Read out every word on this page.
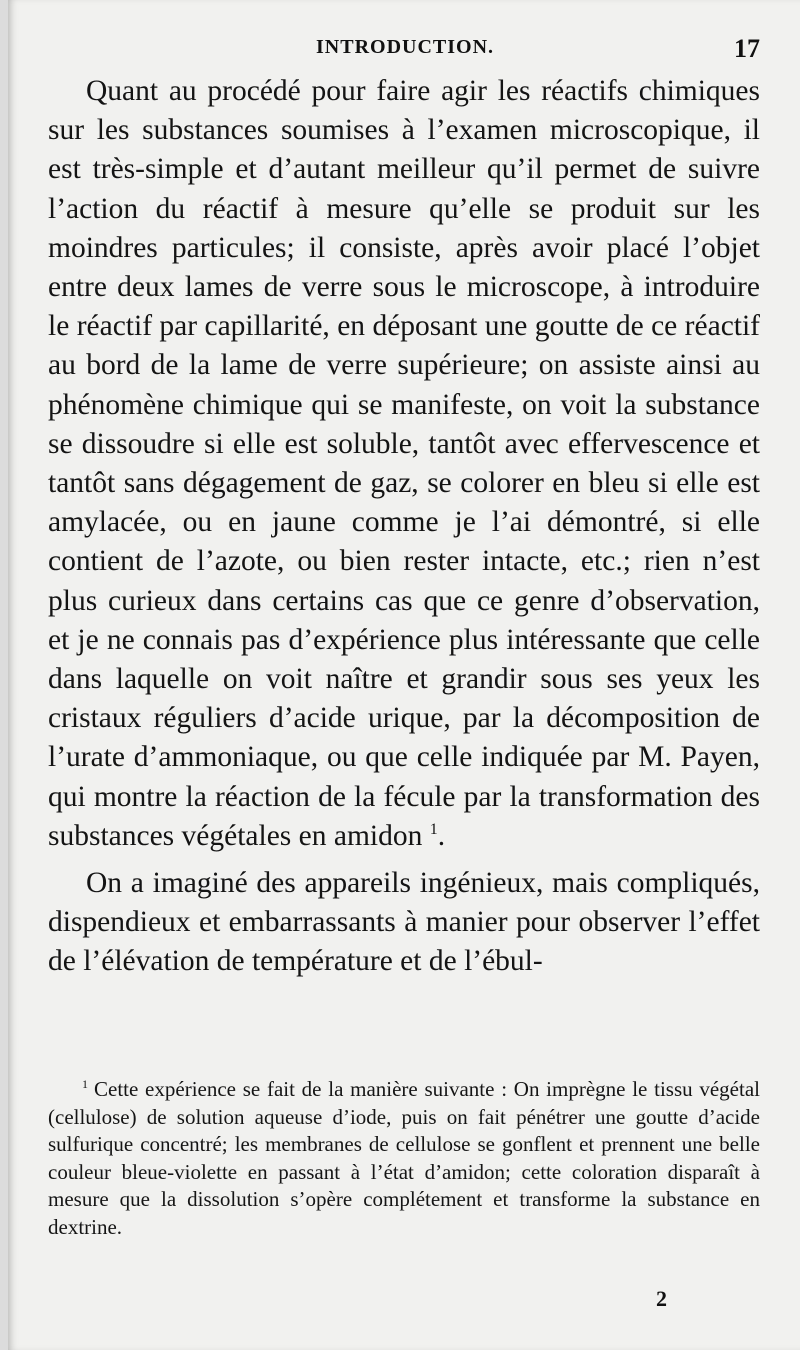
INTRODUCTION.	17

Quant au procédé pour faire agir les réactifs chimiques sur les substances soumises à l’examen microscopique, il est très-simple et d’autant meilleur qu’il permet de suivre l’action du réactif à mesure qu’elle se produit sur les moindres particules; il consiste, après avoir placé l’objet entre deux lames de verre sous le microscope, à introduire le réactif par capillarité, en déposant une goutte de ce réactif au bord de la lame de verre supérieure; on assiste ainsi au phénomène chimique qui se manifeste, on voit la substance se dissoudre si elle est soluble, tantôt avec effervescence et tantôt sans dégagement de gaz, se colorer en bleu si elle est amylacée, ou en jaune comme je l’ai démontré, si elle contient de l’azote, ou bien rester intacte, etc.; rien n’est plus curieux dans certains cas que ce genre d’observation, et je ne connais pas d’expérience plus intéressante que celle dans laquelle on voit naître et grandir sous ses yeux les cristaux réguliers d’acide urique, par la décomposition de l’urate d’ammoniaque, ou que celle indiquée par M. Payen, qui montre la réaction de la fécule par la transformation des substances végétales en amidon $^1$.

On a imaginé des appareils ingénieux, mais compliqués, dispendieux et embarrassants à manier pour observer l’effet de l’élévation de température et de l’ébul-

$^1$ Cette expérience se fait de la manière suivante : On imprègne le tissu végétal (cellulose) de solution aqueuse d’iode, puis on fait pénétrer une goutte d’acide sulfurique concentré; les membranes de cellulose se gonflent et prennent une belle couleur bleue-violette en passant à l’état d’amidon; cette coloration disparaît à mesure que la dissolution s’opère complétement et transforme la substance en dextrine.

2
